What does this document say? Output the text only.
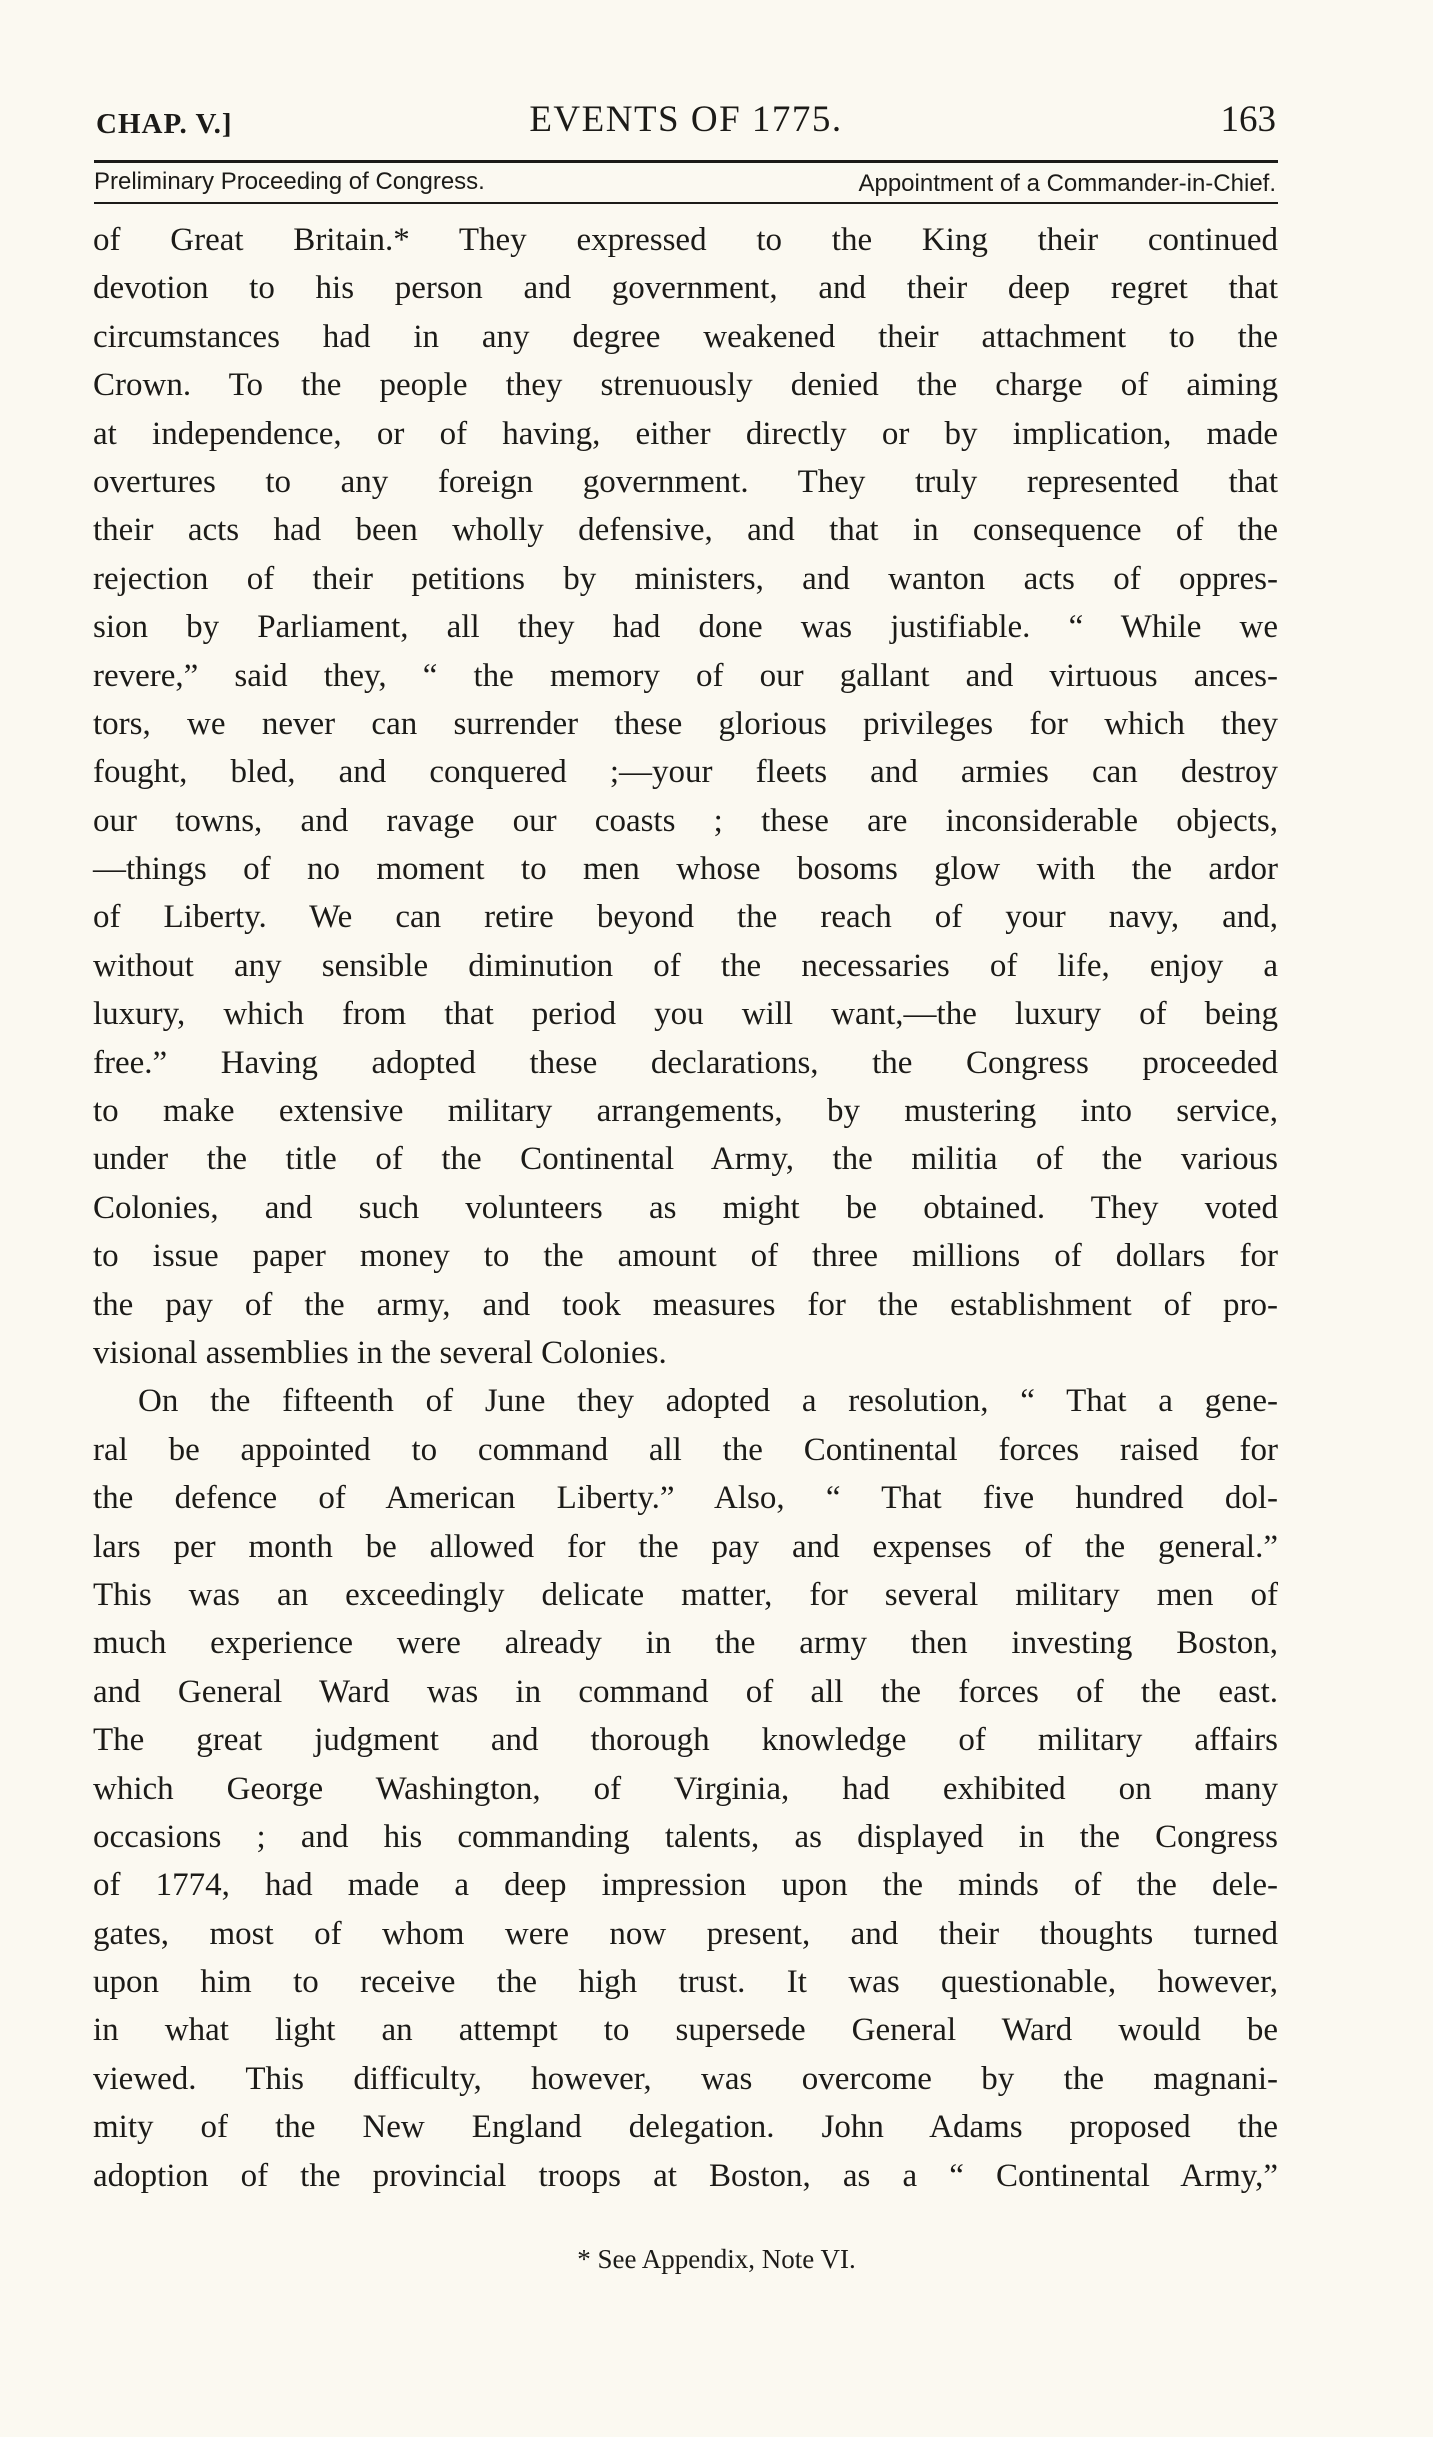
CHAP. V.]	EVENTS OF 1775.	163
Preliminary Proceeding of Congress.	Appointment of a Commander-in-Chief.
of Great Britain.* They expressed to the King their continued
devotion to his person and government, and their deep regret that
circumstances had in any degree weakened their attachment to the
Crown. To the people they strenuously denied the charge of aiming
at independence, or of having, either directly or by implication, made
overtures to any foreign government. They truly represented that
their acts had been wholly defensive, and that in consequence of the
rejection of their petitions by ministers, and wanton acts of oppres-
sion by Parliament, all they had done was justifiable. “ While we
revere,” said they, “ the memory of our gallant and virtuous ances-
tors, we never can surrender these glorious privileges for which they
fought, bled, and conquered ;—your fleets and armies can destroy
our towns, and ravage our coasts ; these are inconsiderable objects,
—things of no moment to men whose bosoms glow with the ardor
of Liberty. We can retire beyond the reach of your navy, and,
without any sensible diminution of the necessaries of life, enjoy a
luxury, which from that period you will want,—the luxury of being
free.” Having adopted these declarations, the Congress proceeded
to make extensive military arrangements, by mustering into service,
under the title of the Continental Army, the militia of the various
Colonies, and such volunteers as might be obtained. They voted
to issue paper money to the amount of three millions of dollars for
the pay of the army, and took measures for the establishment of pro-
visional assemblies in the several Colonies.
On the fifteenth of June they adopted a resolution, “ That a gene-
ral be appointed to command all the Continental forces raised for
the defence of American Liberty.” Also, “ That five hundred dol-
lars per month be allowed for the pay and expenses of the general.”
This was an exceedingly delicate matter, for several military men of
much experience were already in the army then investing Boston,
and General Ward was in command of all the forces of the east.
The great judgment and thorough knowledge of military affairs
which George Washington, of Virginia, had exhibited on many
occasions ; and his commanding talents, as displayed in the Congress
of 1774, had made a deep impression upon the minds of the dele-
gates, most of whom were now present, and their thoughts turned
upon him to receive the high trust. It was questionable, however,
in what light an attempt to supersede General Ward would be
viewed. This difficulty, however, was overcome by the magnani-
mity of the New England delegation. John Adams proposed the
adoption of the provincial troops at Boston, as a “ Continental Army,”
* See Appendix, Note VI.
